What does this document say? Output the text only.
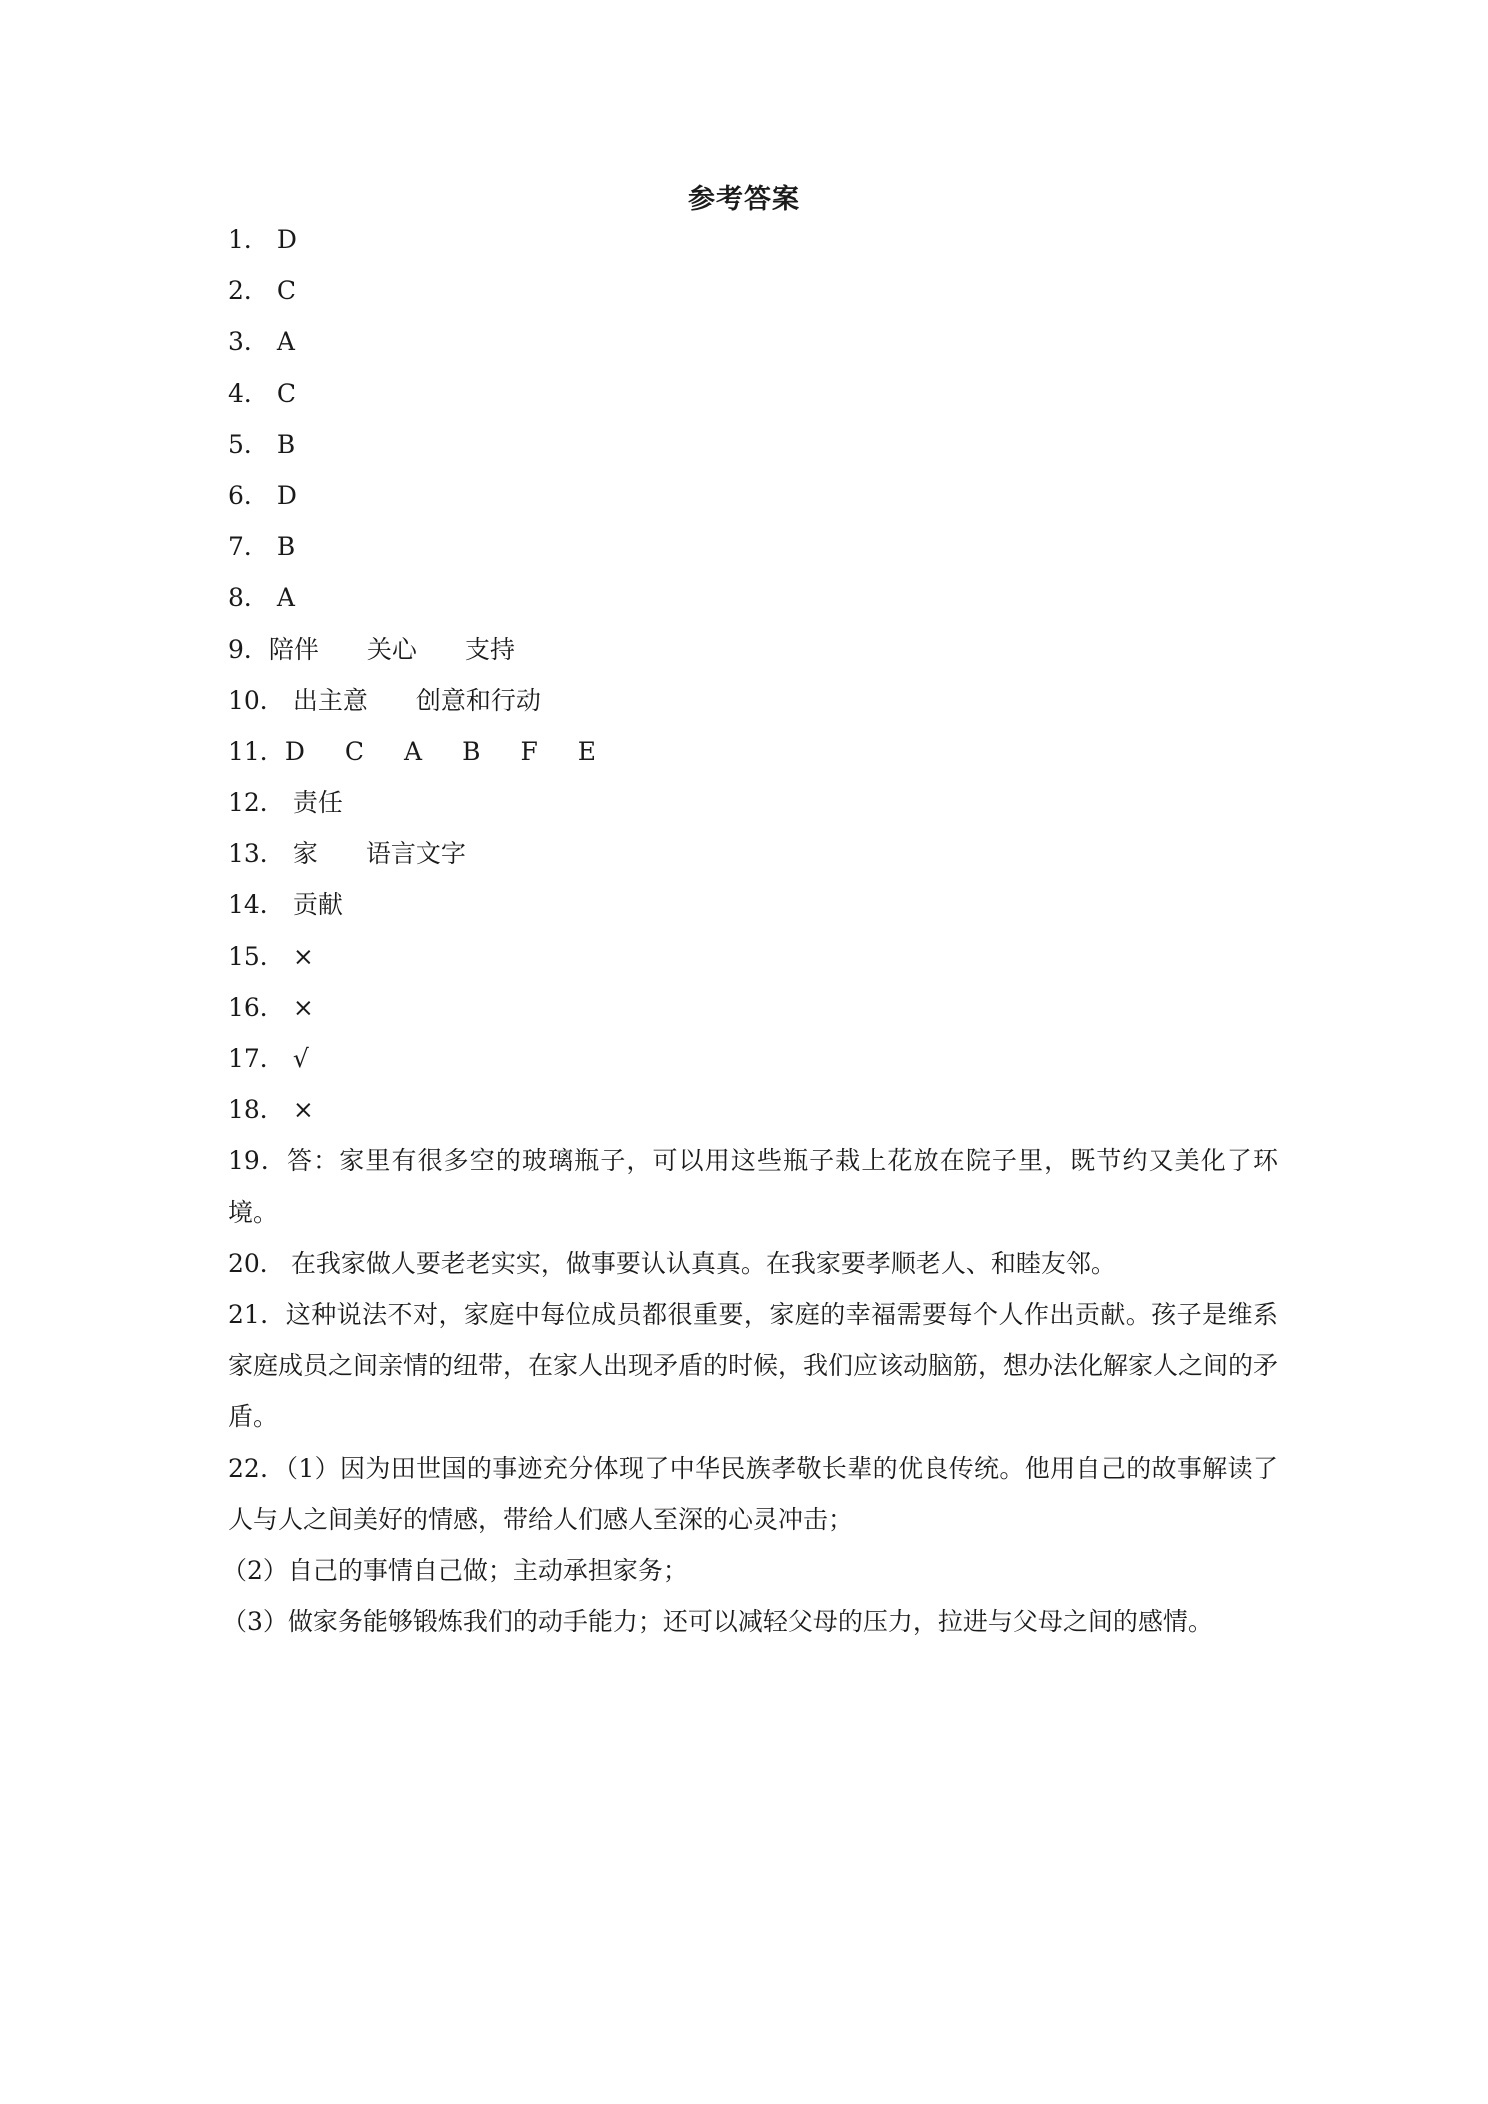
参考答案
1． D
2． C
3． A
4． C
5． B
6． D
7． B
8． A
9．陪伴 关心 支持
10． 出主意 创意和行动
11．D C A B F E
12． 责任
13． 家 语言文字
14． 贡献
15． ×
16． ×
17． √
18． ×
19．答：家里有很多空的玻璃瓶子，可以用这些瓶子栽上花放在院子里，既节约又美化了环境。
20． 在我家做人要老老实实，做事要认认真真。在我家要孝顺老人、和睦友邻。
21．这种说法不对，家庭中每位成员都很重要，家庭的幸福需要每个人作出贡献。孩子是维系家庭成员之间亲情的纽带，在家人出现矛盾的时候，我们应该动脑筋，想办法化解家人之间的矛盾。
22．（1）因为田世国的事迹充分体现了中华民族孝敬长辈的优良传统。他用自己的故事解读了人与人之间美好的情感，带给人们感人至深的心灵冲击；
（2）自己的事情自己做；主动承担家务；
（3）做家务能够锻炼我们的动手能力；还可以减轻父母的压力，拉进与父母之间的感情。
